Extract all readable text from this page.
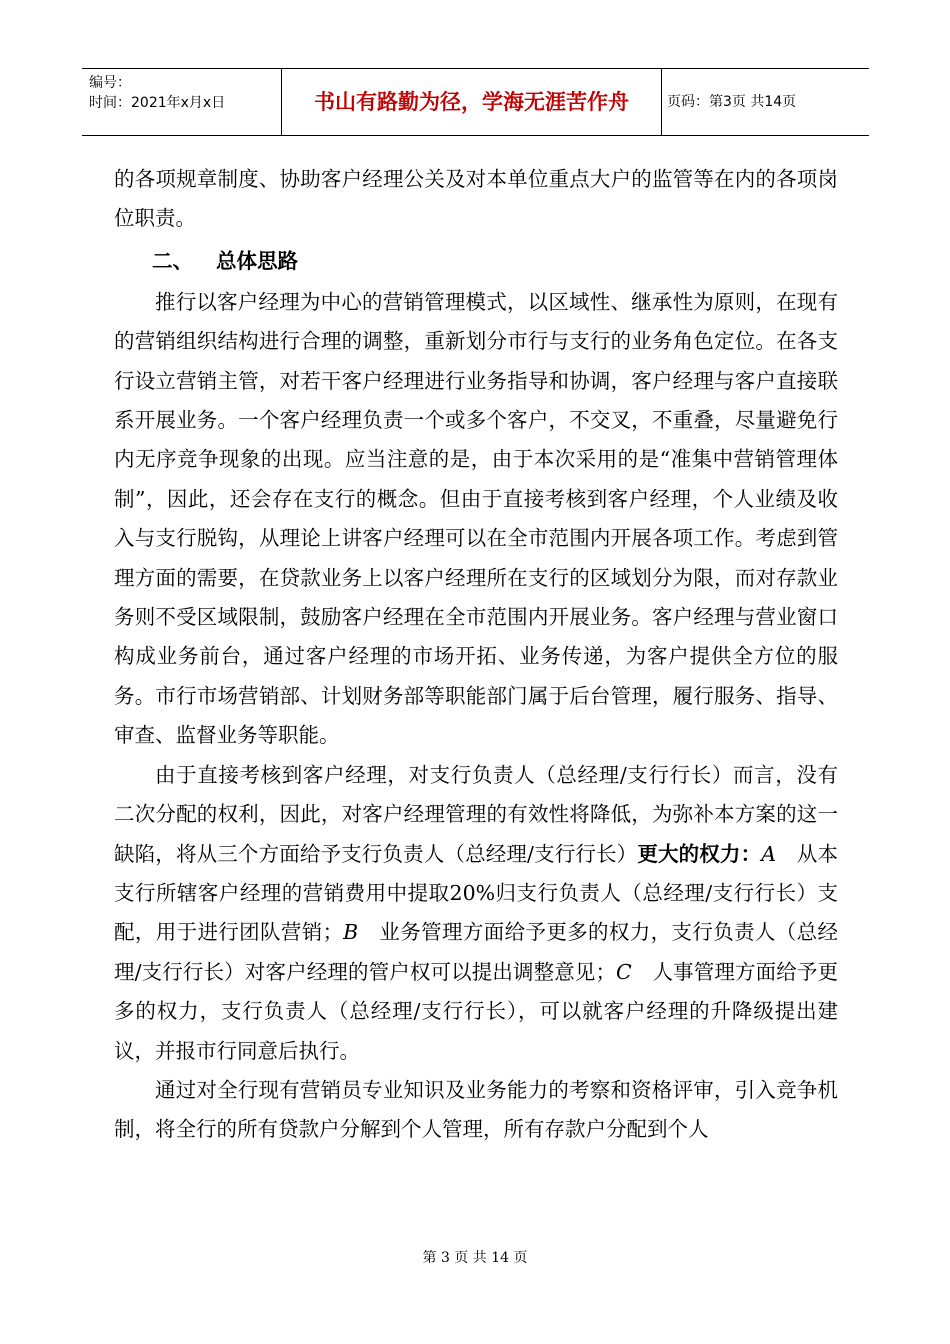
编号：
时间：2021年x月x日	书山有路勤为径，学海无涯苦作舟	页码：第3页 共14页

的各项规章制度、协助客户经理公关及对本单位重点大户的监管等在内的各项岗位职责。

二、 总体思路

推行以客户经理为中心的营销管理模式，以区域性、继承性为原则，在现有的营销组织结构进行合理的调整，重新划分市行与支行的业务角色定位。在各支行设立营销主管，对若干客户经理进行业务指导和协调，客户经理与客户直接联系开展业务。一个客户经理负责一个或多个客户，不交叉，不重叠，尽量避免行内无序竞争现象的出现。应当注意的是，由于本次采用的是“准集中营销管理体制”，因此，还会存在支行的概念。但由于直接考核到客户经理，个人业绩及收入与支行脱钩，从理论上讲客户经理可以在全市范围内开展各项工作。考虑到管理方面的需要，在贷款业务上以客户经理所在支行的区域划分为限，而对存款业务则不受区域限制，鼓励客户经理在全市范围内开展业务。客户经理与营业窗口构成业务前台，通过客户经理的市场开拓、业务传递，为客户提供全方位的服务。市行市场营销部、计划财务部等职能部门属于后台管理，履行服务、指导、审查、监督业务等职能。

由于直接考核到客户经理，对支行负责人（总经理/支行行长）而言，没有二次分配的权利，因此，对客户经理管理的有效性将降低，为弥补本方案的这一缺陷，将从三个方面给予支行负责人（总经理/支行行长）更大的权力：A　从本支行所辖客户经理的营销费用中提取20%归支行负责人（总经理/支行行长）支配，用于进行团队营销；B　业务管理方面给予更多的权力，支行负责人（总经理/支行行长）对客户经理的管户权可以提出调整意见；C　人事管理方面给予更多的权力，支行负责人（总经理/支行行长），可以就客户经理的升降级提出建议，并报市行同意后执行。

通过对全行现有营销员专业知识及业务能力的考察和资格评审，引入竞争机制，将全行的所有贷款户分解到个人管理，所有存款户分配到个人

第 3 页 共 14 页
